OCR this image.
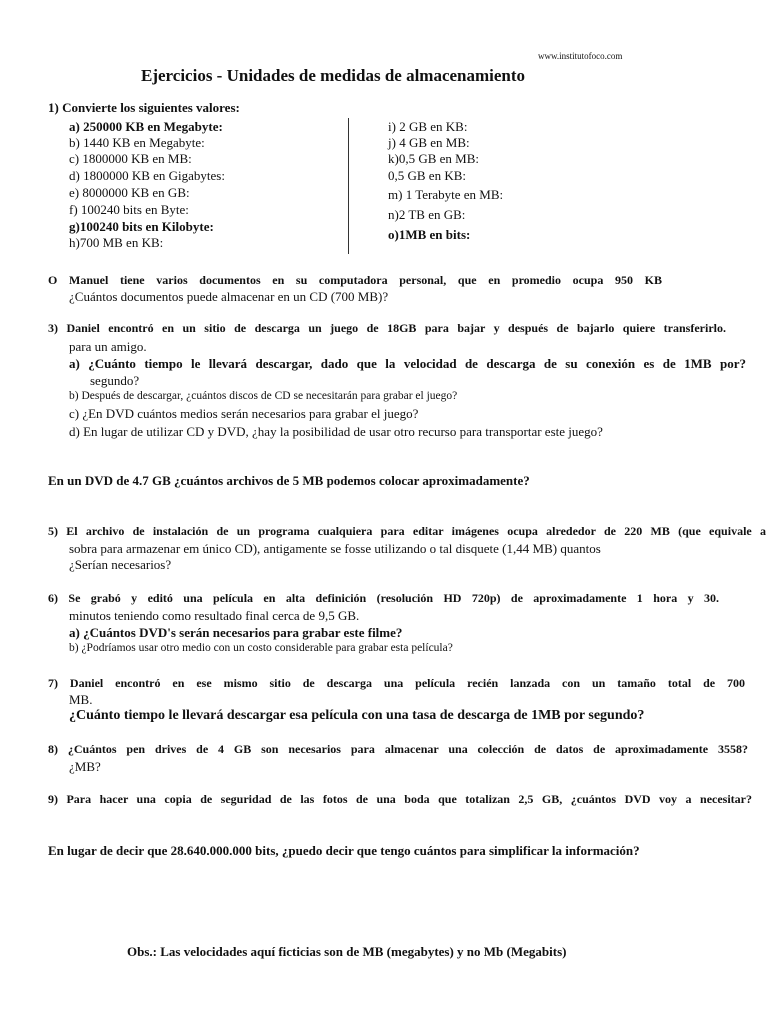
www.institutofoco.com
Ejercicios - Unidades de medidas de almacenamiento
1) Convierte los siguientes valores:
a) 250000 KB en Megabyte:
b) 1440 KB en Megabyte:
c) 1800000 KB en MB:
d) 1800000 KB en Gigabytes:
e) 8000000 KB en GB:
f) 100240 bits en Byte:
g)100240 bits en Kilobyte:
h)700 MB en KB:
i) 2 GB en KB:
j) 4 GB en MB:
k)0,5 GB en MB:
0,5 GB en KB:
m) 1 Terabyte en MB:
n)2 TB en GB:
o)1MB en bits:
O Manuel tiene varios documentos en su computadora personal, que en promedio ocupa 950 KB
¿Cuántos documentos puede almacenar en un CD (700 MB)?
3) Daniel encontró en un sitio de descarga un juego de 18GB para bajar y después de bajarlo quiere transferirlo.
para un amigo.
a) ¿Cuánto tiempo le llevará descargar, dado que la velocidad de descarga de su conexión es de 1MB por?
segundo?
b) Después de descargar, ¿cuántos discos de CD se necesitarán para grabar el juego?
c) ¿En DVD cuántos medios serán necesarios para grabar el juego?
d) En lugar de utilizar CD y DVD, ¿hay la posibilidad de usar otro recurso para transportar este juego?
En un DVD de 4.7 GB ¿cuántos archivos de 5 MB podemos colocar aproximadamente?
5) El archivo de instalación de un programa cualquiera para editar imágenes ocupa alrededor de 220 MB (que equivale a
sobra para armazenar em único CD), antigamente se fosse utilizando o tal disquete (1,44 MB) quantos
¿Serían necesarios?
6) Se grabó y editó una película en alta definición (resolución HD 720p) de aproximadamente 1 hora y 30.
minutos teniendo como resultado final cerca de 9,5 GB.
a) ¿Cuántos DVD's serán necesarios para grabar este filme?
b) ¿Podríamos usar otro medio con un costo considerable para grabar esta película?
7) Daniel encontró en ese mismo sitio de descarga una película recién lanzada con un tamaño total de 700
MB.
¿Cuánto tiempo le llevará descargar esa película con una tasa de descarga de 1MB por segundo?
8) ¿Cuántos pen drives de 4 GB son necesarios para almacenar una colección de datos de aproximadamente 3558?
¿MB?
9) Para hacer una copia de seguridad de las fotos de una boda que totalizan 2,5 GB, ¿cuántos DVD voy a necesitar?
En lugar de decir que 28.640.000.000 bits, ¿puedo decir que tengo cuántos para simplificar la información?
Obs.: Las velocidades aquí ficticias son de MB (megabytes) y no Mb (Megabits)
